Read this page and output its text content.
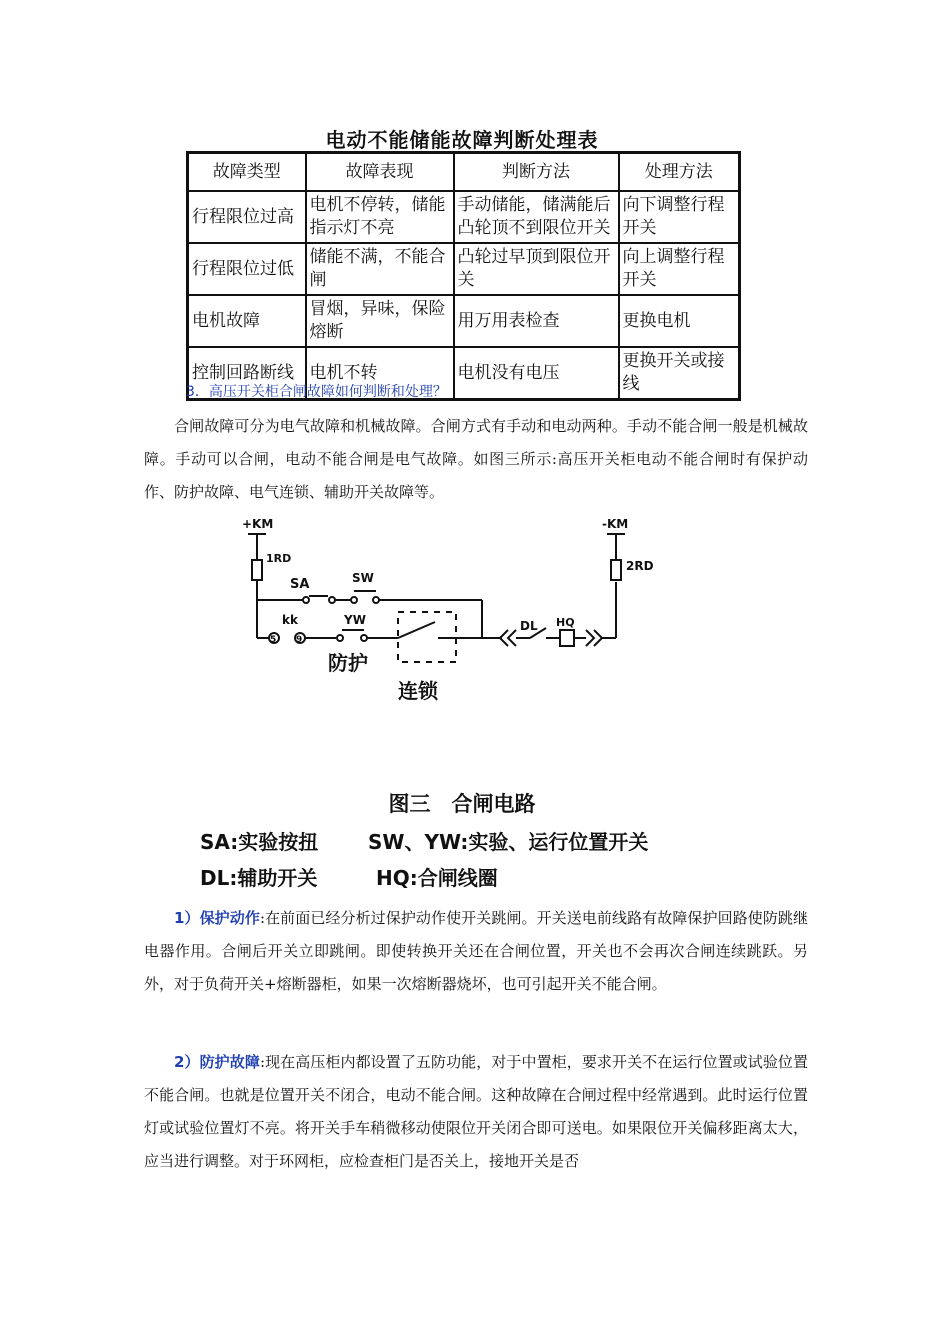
电动不能储能故障判断处理表
故障类型	故障表现	判断方法	处理方法
行程限位过高	电机不停转，储能指示灯不亮	手动储能，储满能后凸轮顶不到限位开关	向下调整行程开关
行程限位过低	储能不满，不能合闸	凸轮过早顶到限位开关	向上调整行程开关
电机故障	冒烟，异味，保险熔断	用万用表检查	更换电机
控制回路断线	电机不转	电机没有电压	更换开关或接线
3．高压开关柜合闸故障如何判断和处理？
合闸故障可分为电气故障和机械故障。合闸方式有手动和电动两种。手动不能合闸一般是机械故障。手动可以合闸，电动不能合闸是电气故障。如图三所示:高压开关柜电动不能合闸时有保护动作、防护故障、电气连锁、辅助开关故障等。
+KM	-KM
1RD
2RD
SA	SW
kk	YW
5 9
DL HQ
防护
连锁
图三　合闸电路
SA:实验按扭 SW、YW:实验、运行位置开关
DL:辅助开关	HQ:合闸线圈
1）保护动作:在前面已经分析过保护动作使开关跳闸。开关送电前线路有故障保护回路使防跳继电器作用。合闸后开关立即跳闸。即使转换开关还在合闸位置，开关也不会再次合闸连续跳跃。另外，对于负荷开关+熔断器柜，如果一次熔断器烧坏，也可引起开关不能合闸。
2）防护故障:现在高压柜内都设置了五防功能，对于中置柜，要求开关不在运行位置或试验位置不能合闸。也就是位置开关不闭合，电动不能合闸。这种故障在合闸过程中经常遇到。此时运行位置灯或试验位置灯不亮。将开关手车稍微移动使限位开关闭合即可送电。如果限位开关偏移距离太大，应当进行调整。对于环网柜，应检查柜门是否关上，接地开关是否
